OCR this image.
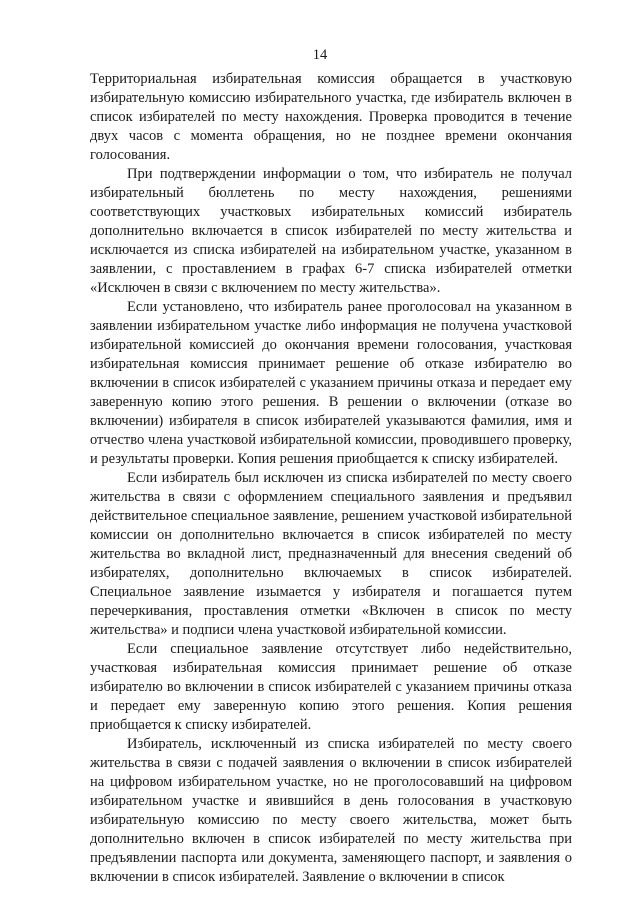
14

Территориальная избирательная комиссия обращается в участковую избирательную комиссию избирательного участка, где избиратель включен в список избирателей по месту нахождения. Проверка проводится в течение двух часов с момента обращения, но не позднее времени окончания голосования.

При подтверждении информации о том, что избиратель не получал избирательный бюллетень по месту нахождения, решениями соответствующих участковых избирательных комиссий избиратель дополнительно включается в список избирателей по месту жительства и исключается из списка избирателей на избирательном участке, указанном в заявлении, с проставлением в графах 6-7 списка избирателей отметки «Исключен в связи с включением по месту жительства».

Если установлено, что избиратель ранее проголосовал на указанном в заявлении избирательном участке либо информация не получена участковой избирательной комиссией до окончания времени голосования, участковая избирательная комиссия принимает решение об отказе избирателю во включении в список избирателей с указанием причины отказа и передает ему заверенную копию этого решения. В решении о включении (отказе во включении) избирателя в список избирателей указываются фамилия, имя и отчество члена участковой избирательной комиссии, проводившего проверку, и результаты проверки. Копия решения приобщается к списку избирателей.

Если избиратель был исключен из списка избирателей по месту своего жительства в связи с оформлением специального заявления и предъявил действительное специальное заявление, решением участковой избирательной комиссии он дополнительно включается в список избирателей по месту жительства во вкладной лист, предназначенный для внесения сведений об избирателях, дополнительно включаемых в список избирателей. Специальное заявление изымается у избирателя и погашается путем перечеркивания, проставления отметки «Включен в список по месту жительства» и подписи члена участковой избирательной комиссии.

Если специальное заявление отсутствует либо недействительно, участковая избирательная комиссия принимает решение об отказе избирателю во включении в список избирателей с указанием причины отказа и передает ему заверенную копию этого решения. Копия решения приобщается к списку избирателей.

Избиратель, исключенный из списка избирателей по месту своего жительства в связи с подачей заявления о включении в список избирателей на цифровом избирательном участке, но не проголосовавший на цифровом избирательном участке и явившийся в день голосования в участковую избирательную комиссию по месту своего жительства, может быть дополнительно включен в список избирателей по месту жительства при предъявлении паспорта или документа, заменяющего паспорт, и заявления о включении в список избирателей. Заявление о включении в список
